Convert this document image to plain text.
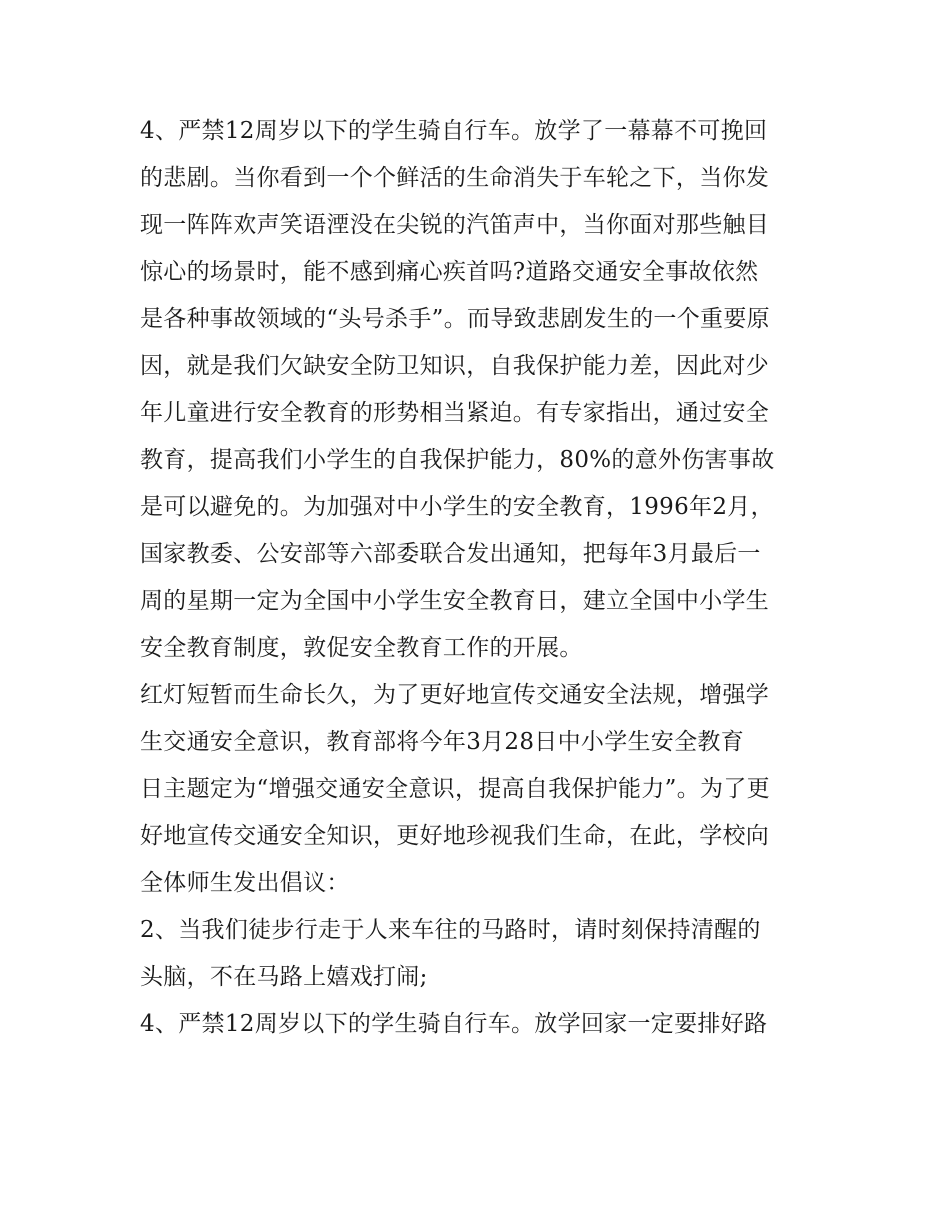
4、严禁12周岁以下的学生骑自行车。放学了一幕幕不可挽回
的悲剧。当你看到一个个鲜活的生命消失于车轮之下，当你发
现一阵阵欢声笑语湮没在尖锐的汽笛声中，当你面对那些触目
惊心的场景时，能不感到痛心疾首吗?道路交通安全事故依然
是各种事故领域的“头号杀手”。而导致悲剧发生的一个重要原
因，就是我们欠缺安全防卫知识，自我保护能力差，因此对少
年儿童进行安全教育的形势相当紧迫。有专家指出，通过安全
教育，提高我们小学生的自我保护能力，80%的意外伤害事故
是可以避免的。为加强对中小学生的安全教育，1996年2月，
国家教委、公安部等六部委联合发出通知，把每年3月最后一
周的星期一定为全国中小学生安全教育日，建立全国中小学生
安全教育制度，敦促安全教育工作的开展。
红灯短暂而生命长久，为了更好地宣传交通安全法规，增强学
生交通安全意识，教育部将今年3月28日中小学生安全教育
日主题定为“增强交通安全意识，提高自我保护能力”。为了更
好地宣传交通安全知识，更好地珍视我们生命，在此，学校向
全体师生发出倡议：
2、当我们徒步行走于人来车往的马路时，请时刻保持清醒的
头脑，不在马路上嬉戏打闹;
4、严禁12周岁以下的学生骑自行车。放学回家一定要排好路
